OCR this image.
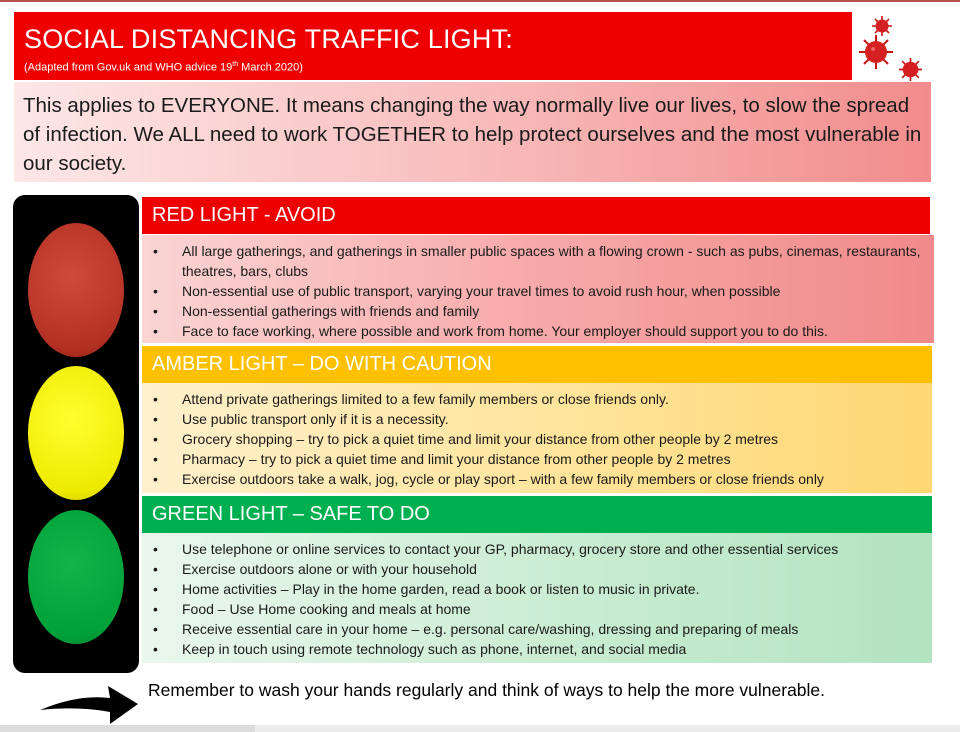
SOCIAL DISTANCING TRAFFIC LIGHT:
(Adapted from Gov.uk and WHO advice 19th March 2020)
This applies to EVERYONE. It means changing the way normally live our lives, to slow the spread of infection. We ALL need to work TOGETHER to help protect ourselves and the most vulnerable in our society.
RED LIGHT - AVOID
• All large gatherings, and gatherings in smaller public spaces with a flowing crown - such as pubs, cinemas, restaurants, theatres, bars, clubs
• Non-essential use of public transport, varying your travel times to avoid rush hour, when possible
• Non-essential gatherings with friends and family
• Face to face working, where possible and work from home. Your employer should support you to do this.
AMBER LIGHT – DO WITH CAUTION
• Attend private gatherings limited to a few family members or close friends only.
• Use public transport only if it is a necessity.
• Grocery shopping – try to pick a quiet time and limit your distance from other people by 2 metres
• Pharmacy – try to pick a quiet time and limit your distance from other people by 2 metres
• Exercise outdoors take a walk, jog, cycle or play sport – with a few family members or close friends only
GREEN LIGHT – SAFE TO DO
• Use telephone or online services to contact your GP, pharmacy, grocery store and other essential services
• Exercise outdoors alone or with your household
• Home activities – Play in the home garden, read a book or listen to music in private.
• Food – Use Home cooking and meals at home
• Receive essential care in your home – e.g. personal care/washing, dressing and preparing of meals
• Keep in touch using remote technology such as phone, internet, and social media
Remember to wash your hands regularly and think of ways to help the more vulnerable.
